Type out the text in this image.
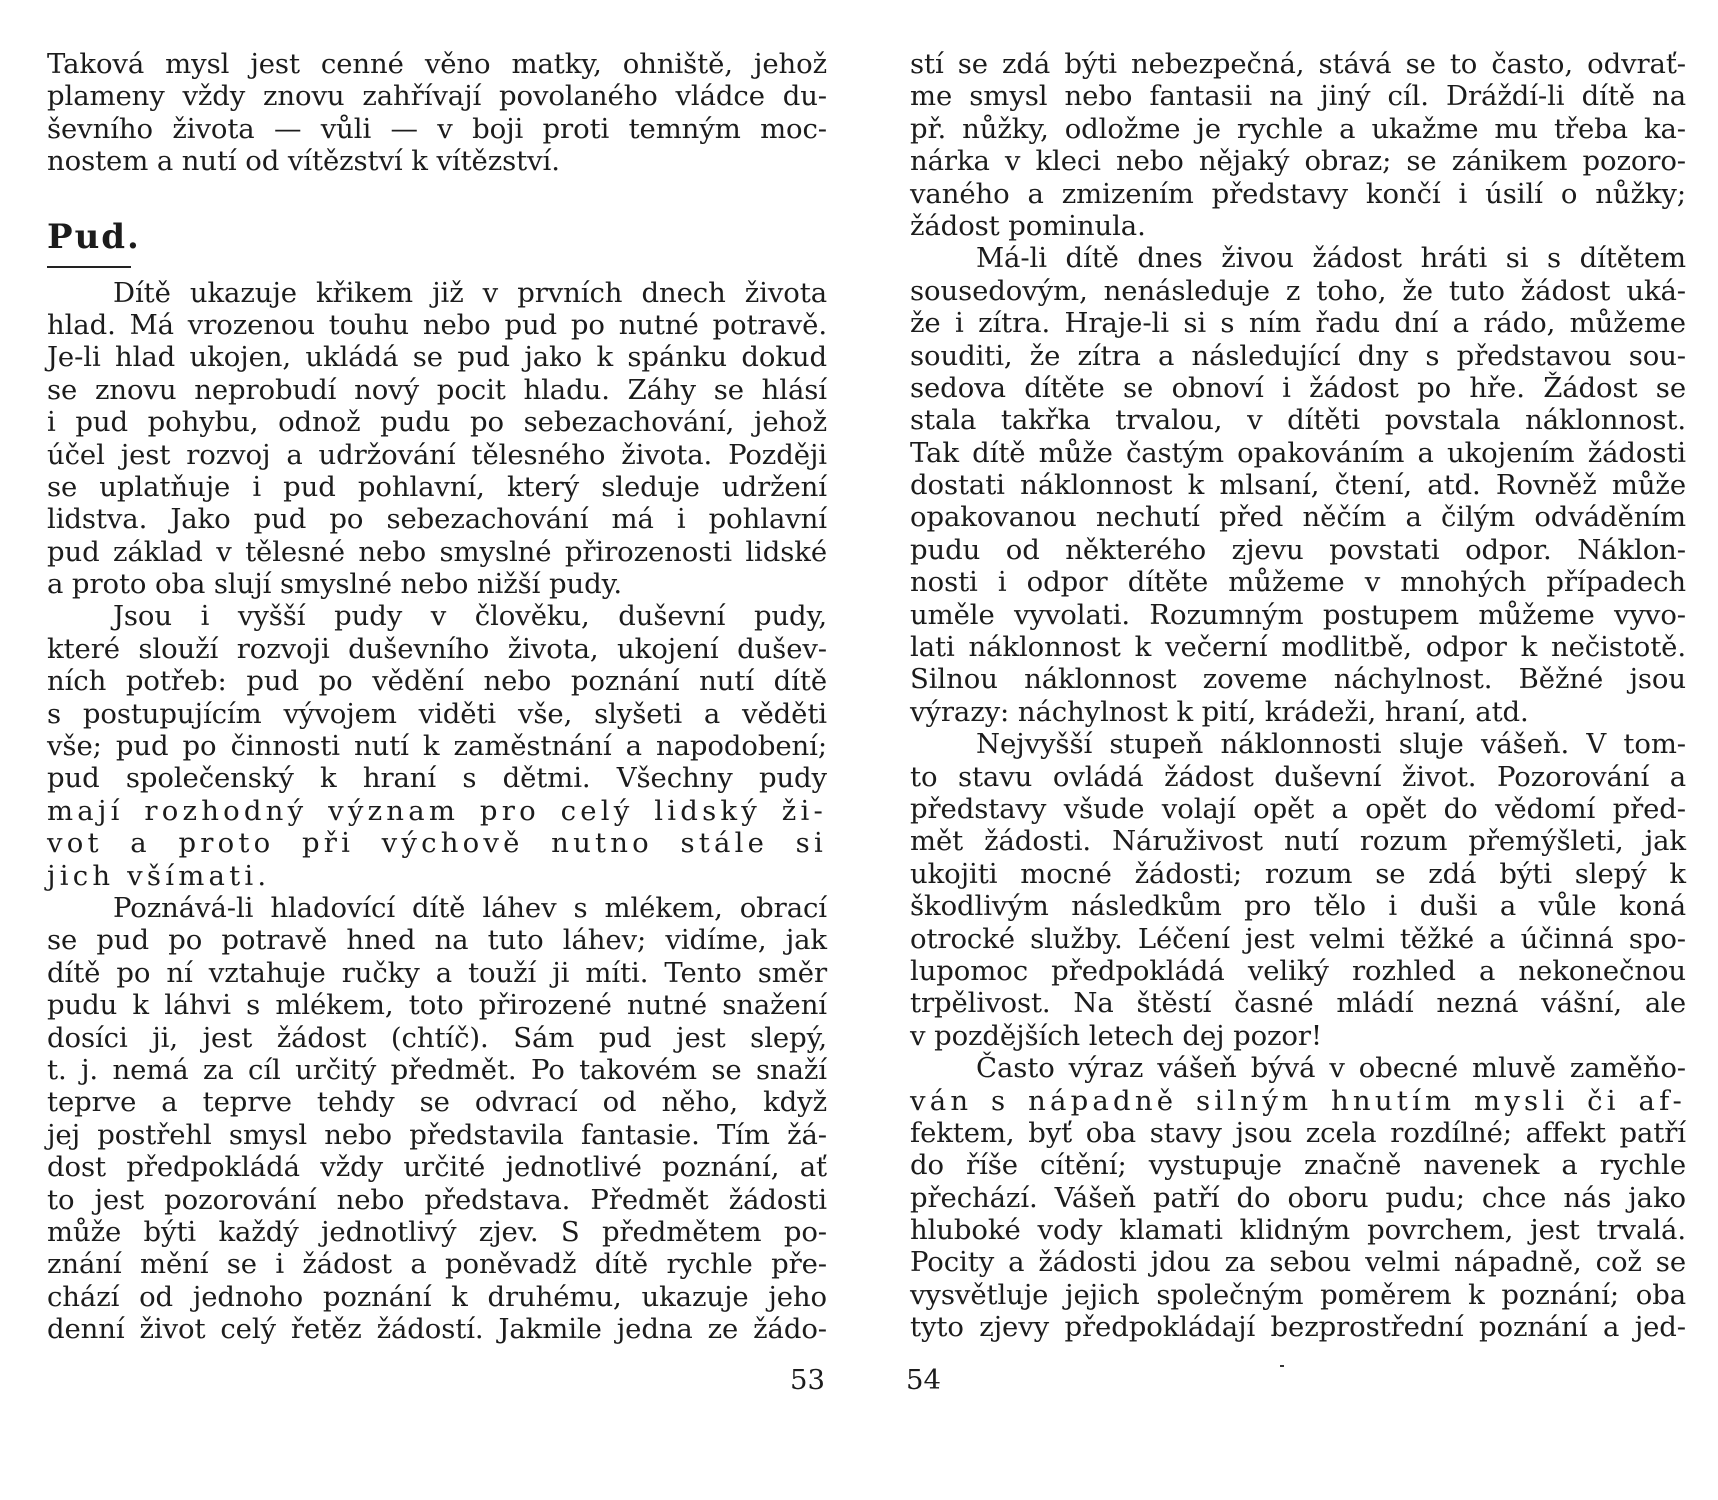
Taková mysl jest cenné věno matky, ohniště, jehož
plameny vždy znovu zahřívají povolaného vládce du-
ševního života — vůli — v boji proti temným moc-
nostem a nutí od vítězství k vítězství.
Pud.
Dítě ukazuje křikem již v prvních dnech života
hlad. Má vrozenou touhu nebo pud po nutné potravě.
Je-li hlad ukojen, ukládá se pud jako k spánku dokud
se znovu neprobudí nový pocit hladu. Záhy se hlásí
i pud pohybu, odnož pudu po sebezachování, jehož
účel jest rozvoj a udržování tělesného života. Později
se uplatňuje i pud pohlavní, který sleduje udržení
lidstva. Jako pud po sebezachování má i pohlavní
pud základ v tělesné nebo smyslné přirozenosti lidské
a proto oba slují smyslné nebo nižší pudy.
Jsou i vyšší pudy v člověku, duševní pudy,
které slouží rozvoji duševního života, ukojení dušev-
ních potřeb: pud po vědění nebo poznání nutí dítě
s postupujícím vývojem viděti vše, slyšeti a věděti
vše; pud po činnosti nutí k zaměstnání a napodobení;
pud společenský k hraní s dětmi. Všechny pudy
mají rozhodný význam pro celý lidský ži-
vot a proto při výchově nutno stále si
jich všímati.
Poznává-li hladovící dítě láhev s mlékem, obrací
se pud po potravě hned na tuto láhev; vidíme, jak
dítě po ní vztahuje ručky a touží ji míti. Tento směr
pudu k láhvi s mlékem, toto přirozené nutné snažení
dosíci ji, jest žádost (chtíč). Sám pud jest slepý,
t. j. nemá za cíl určitý předmět. Po takovém se snaží
teprve a teprve tehdy se odvrací od něho, když
jej postřehl smysl nebo představila fantasie. Tím žá-
dost předpokládá vždy určité jednotlivé poznání, ať
to jest pozorování nebo představa. Předmět žádosti
může býti každý jednotlivý zjev. S předmětem po-
znání mění se i žádost a poněvadž dítě rychle pře-
chází od jednoho poznání k druhému, ukazuje jeho
denní život celý řetěz žádostí. Jakmile jedna ze žádo-
stí se zdá býti nebezpečná, stává se to často, odvrať-
me smysl nebo fantasii na jiný cíl. Dráždí-li dítě na
př. nůžky, odložme je rychle a ukažme mu třeba ka-
nárka v kleci nebo nějaký obraz; se zánikem pozoro-
vaného a zmizením představy končí i úsilí o nůžky;
žádost pominula.
Má-li dítě dnes živou žádost hráti si s dítětem
sousedovým, nenásleduje z toho, že tuto žádost uká-
že i zítra. Hraje-li si s ním řadu dní a rádo, můžeme
souditi, že zítra a následující dny s představou sou-
sedova dítěte se obnoví i žádost po hře. Žádost se
stala takřka trvalou, v dítěti povstala náklonnost.
Tak dítě může častým opakováním a ukojením žádosti
dostati náklonnost k mlsaní, čtení, atd. Rovněž může
opakovanou nechutí před něčím a čilým odváděním
pudu od některého zjevu povstati odpor. Náklon-
nosti i odpor dítěte můžeme v mnohých případech
uměle vyvolati. Rozumným postupem můžeme vyvo-
lati náklonnost k večerní modlitbě, odpor k nečistotě.
Silnou náklonnost zoveme náchylnost. Běžné jsou
výrazy: náchylnost k pití, krádeži, hraní, atd.
Nejvyšší stupeň náklonnosti sluje vášeň. V tom-
to stavu ovládá žádost duševní život. Pozorování a
představy všude volají opět a opět do vědomí před-
mět žádosti. Náruživost nutí rozum přemýšleti, jak
ukojiti mocné žádosti; rozum se zdá býti slepý k
škodlivým následkům pro tělo i duši a vůle koná
otrocké služby. Léčení jest velmi těžké a účinná spo-
lupomoc předpokládá veliký rozhled a nekonečnou
trpělivost. Na štěstí časné mládí nezná vášní, ale
v pozdějších letech dej pozor!
Často výraz vášeň bývá v obecné mluvě zaměňo-
ván s nápadně silným hnutím mysli či af-
fektem, byť oba stavy jsou zcela rozdílné; affekt patří
do říše cítění; vystupuje značně navenek a rychle
přechází. Vášeň patří do oboru pudu; chce nás jako
hluboké vody klamati klidným povrchem, jest trvalá.
Pocity a žádosti jdou za sebou velmi nápadně, což se
vysvětluje jejich společným poměrem k poznání; oba
tyto zjevy předpokládají bezprostřední poznání a jed-
53	54
